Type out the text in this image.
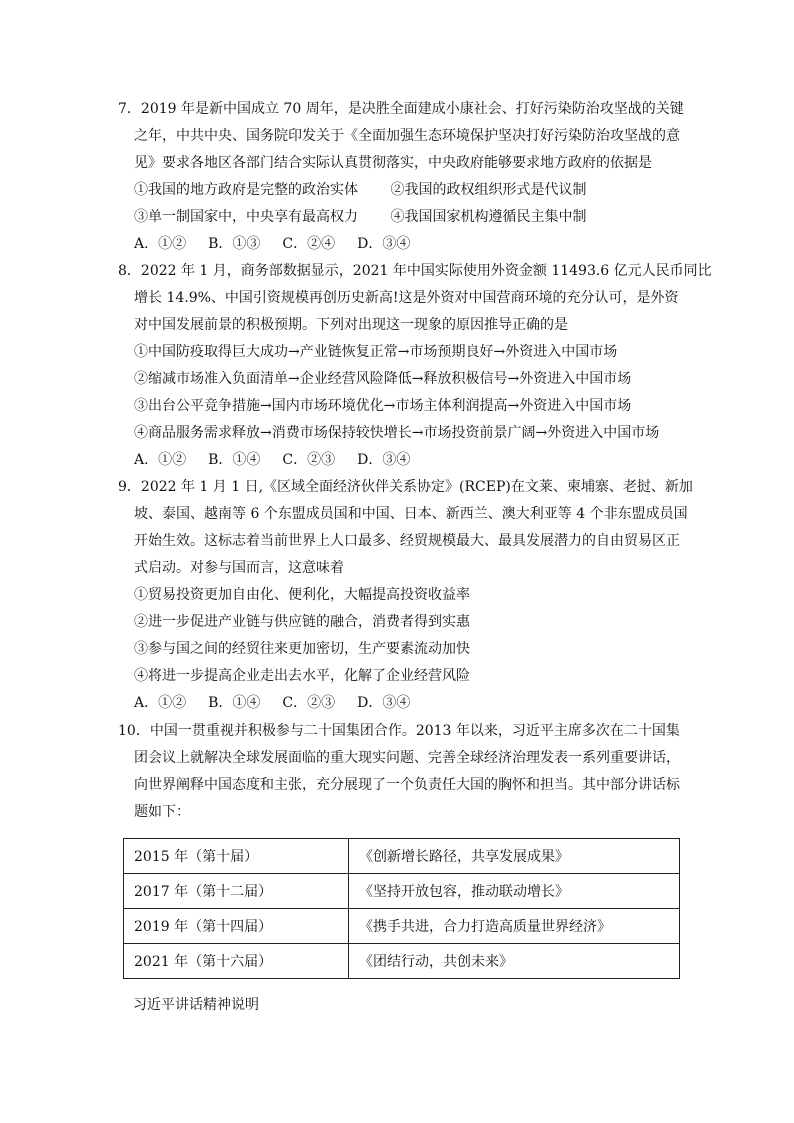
7．2019 年是新中国成立 70 周年，是决胜全面建成小康社会、打好污染防治攻坚战的关键
之年，中共中央、国务院印发关于《全面加强生态环境保护坚决打好污染防治攻坚战的意
见》要求各地区各部门结合实际认真贯彻落实，中央政府能够要求地方政府的依据是
①我国的地方政府是完整的政治实体　　 ②我国的政权组织形式是代议制
③单一制国家中，中央享有最高权力　　 ④我国国家机构遵循民主集中制
A．①② B．①③ C．②④ D．③④
8．2022 年 1 月，商务部数据显示，2021 年中国实际使用外资金额 11493.6 亿元人民币同比
增长 14.9%、中国引资规模再创历史新高!这是外资对中国营商环境的充分认可，是外资
对中国发展前景的积极预期。下列对出现这一现象的原因推导正确的是
①中国防疫取得巨大成功→产业链恢复正常→市场预期良好→外资进入中国市场
②缩减市场准入负面清单→企业经营风险降低→释放积极信号→外资进入中国市场
③出台公平竞争措施→国内市场环境优化→市场主体利润提高→外资进入中国市场
④商品服务需求释放→消费市场保持较快增长→市场投资前景广阔→外资进入中国市场
A．①② B．①④ C．②③ D．③④
9．2022 年 1 月 1 日,《区域全面经济伙伴关系协定》(RCEP)在文莱、柬埔寨、老挝、新加
坡、泰国、越南等 6 个东盟成员国和中国、日本、新西兰、澳大利亚等 4 个非东盟成员国
开始生效。这标志着当前世界上人口最多、经贸规模最大、最具发展潜力的自由贸易区正
式启动。对参与国而言，这意味着
①贸易投资更加自由化、便利化，大幅提高投资收益率
②进一步促进产业链与供应链的融合，消费者得到实惠
③参与国之间的经贸往来更加密切，生产要素流动加快
④将进一步提高企业走出去水平，化解了企业经营风险
A．①② B．①④ C．②③ D．③④
10．中国一贯重视并积极参与二十国集团合作。2013 年以来，习近平主席多次在二十国集
团会议上就解决全球发展面临的重大现实问题、完善全球经济治理发表一系列重要讲话，
向世界阐释中国态度和主张，充分展现了一个负责任大国的胸怀和担当。其中部分讲话标
题如下：
2015 年（第十届）	《创新增长路径，共享发展成果》
2017 年（第十二届）	《坚持开放包容，推动联动增长》
2019 年（第十四届）	《携手共进，合力打造高质量世界经济》
2021 年（第十六届）	《团结行动，共创未来》
习近平讲话精神说明
